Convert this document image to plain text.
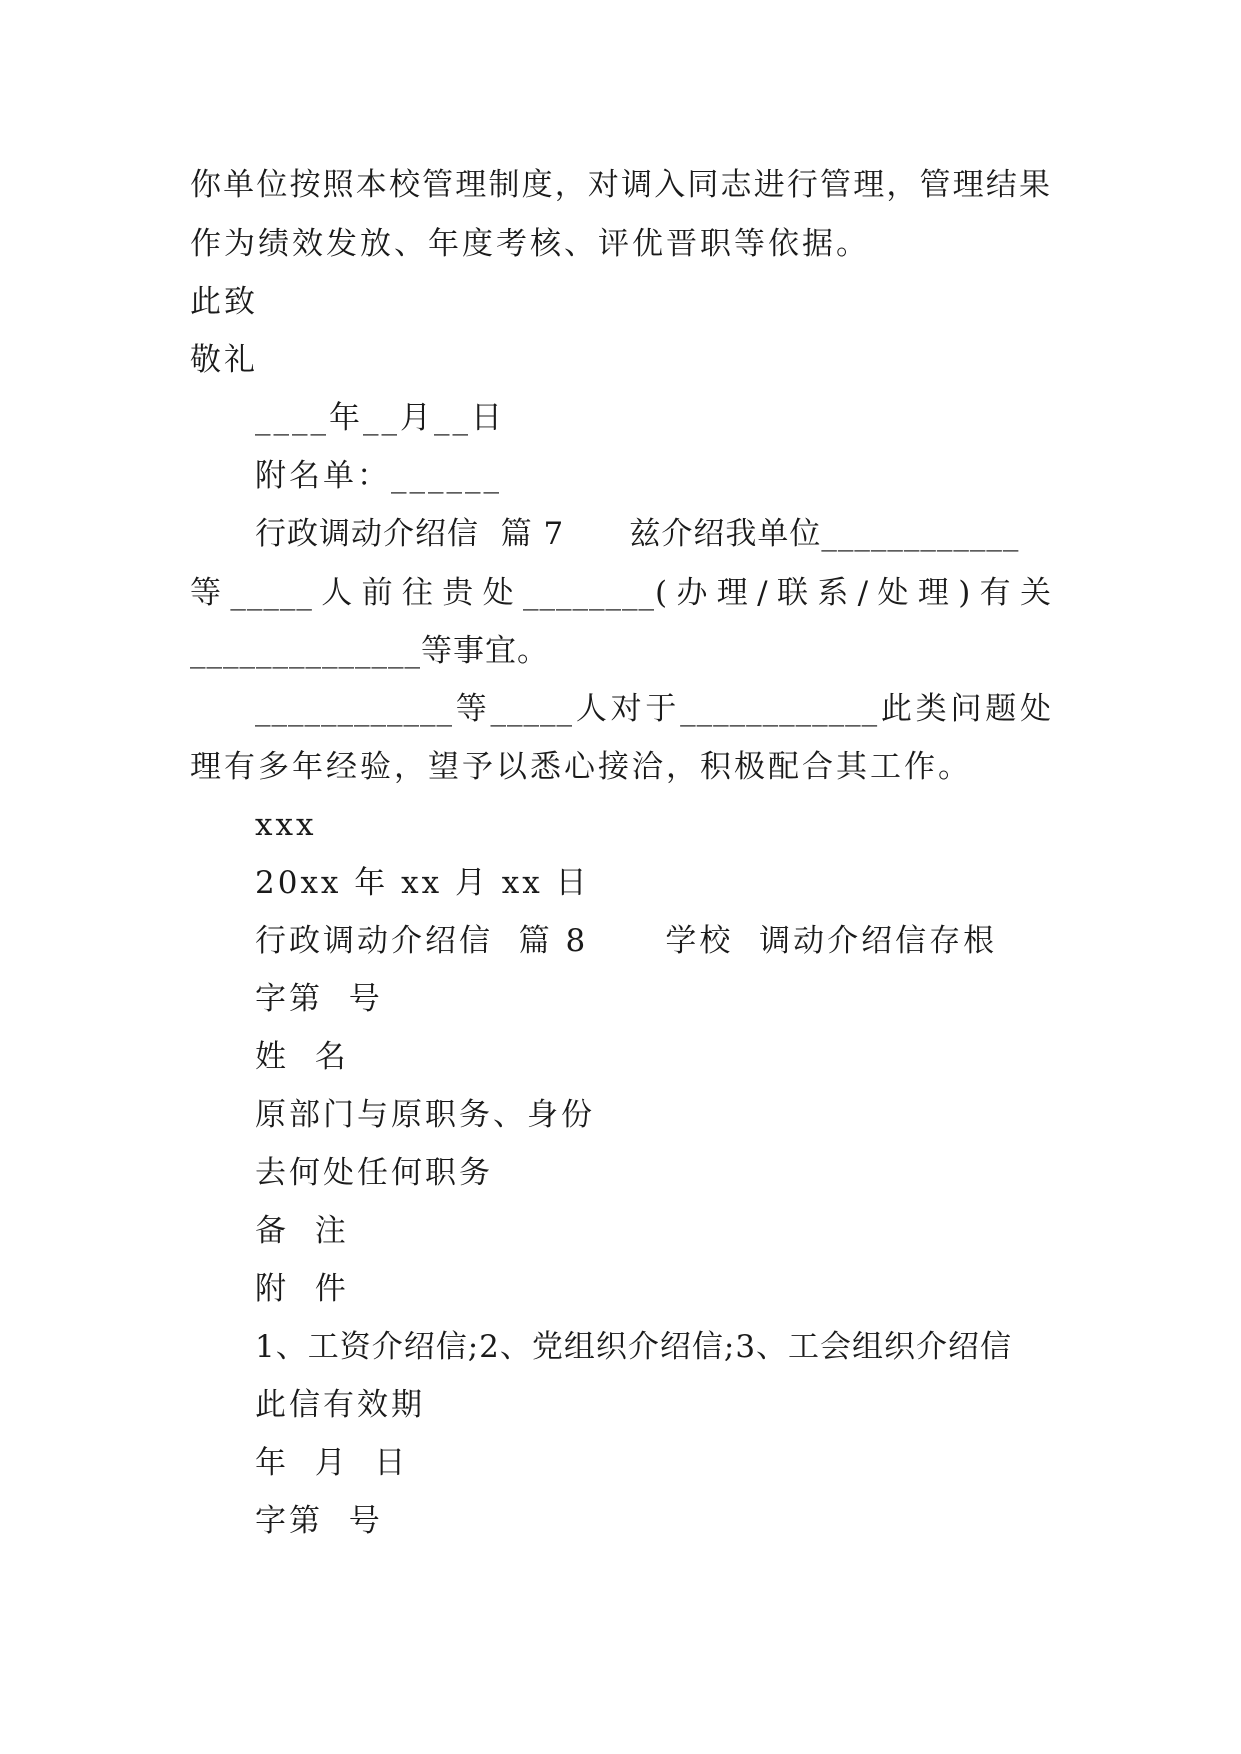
你单位按照本校管理制度，对调入同志进行管理，管理结果
作为绩效发放、年度考核、评优晋职等依据。
此致
敬礼
____年__月__日
附名单：______
行政调动介绍信  篇 7      兹介绍我单位____________
等_____人前往贵处________(办理/联系/处理)有关
______________等事宜。
____________等_____人对于____________此类问题处
理有多年经验，望予以悉心接洽，积极配合其工作。
xxx
20xx 年 xx 月 xx 日
行政调动介绍信  篇 8      学校  调动介绍信存根
字第  号
姓  名
原部门与原职务、身份
去何处任何职务
备  注
附  件
1、工资介绍信;2、党组织介绍信;3、工会组织介绍信
此信有效期
年  月  日
字第  号
